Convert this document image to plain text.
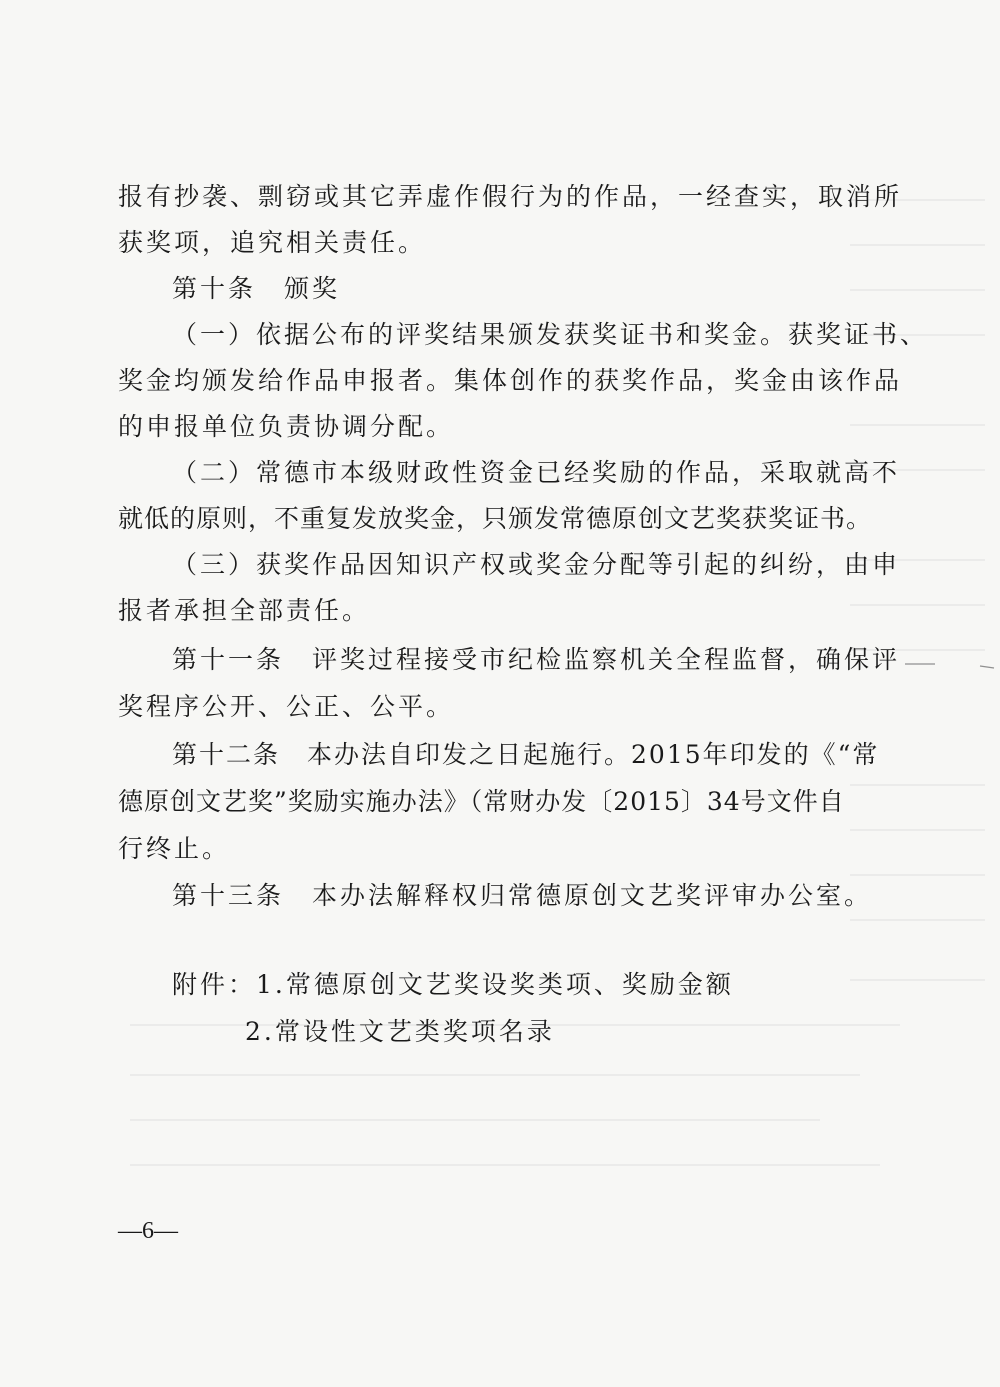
报有抄袭、剽窃或其它弄虚作假行为的作品，一经查实，取消所
获奖项，追究相关责任。
第十条　颁奖
（一）依据公布的评奖结果颁发获奖证书和奖金。获奖证书、
奖金均颁发给作品申报者。集体创作的获奖作品，奖金由该作品
的申报单位负责协调分配。
（二）常德市本级财政性资金已经奖励的作品，采取就高不
就低的原则，不重复发放奖金，只颁发常德原创文艺奖获奖证书。
（三）获奖作品因知识产权或奖金分配等引起的纠纷，由申
报者承担全部责任。
第十一条　评奖过程接受市纪检监察机关全程监督，确保评
奖程序公开、公正、公平。
第十二条　本办法自印发之日起施行。2015年印发的《“常
德原创文艺奖”奖励实施办法》（常财办发〔2015〕34号文件自
行终止。
第十三条　本办法解释权归常德原创文艺奖评审办公室。
附件：1.常德原创文艺奖设奖类项、奖励金额
2.常设性文艺类奖项名录
—6—
